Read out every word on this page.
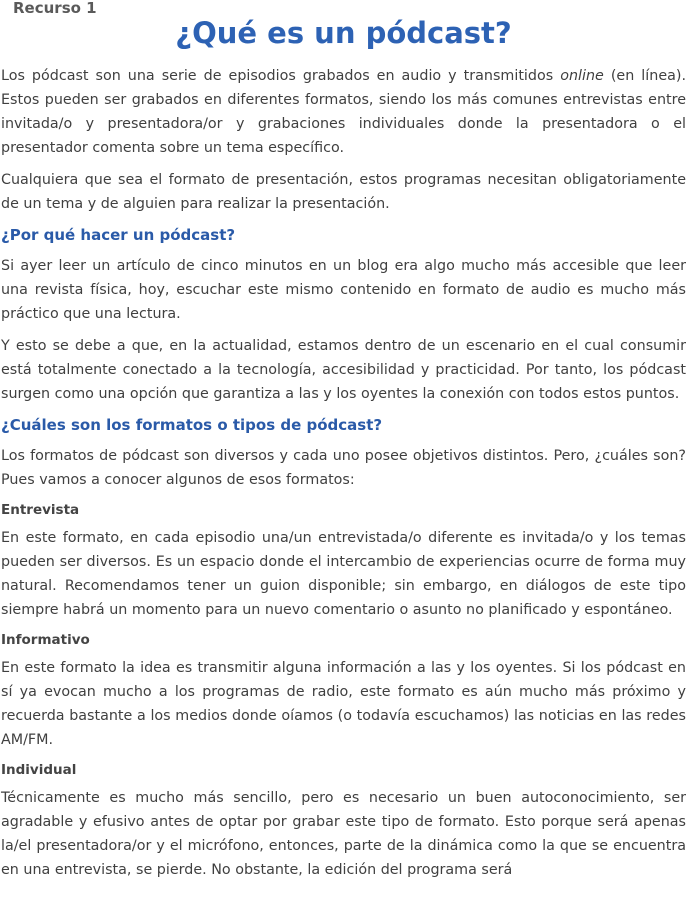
Recurso 1
¿Qué es un pódcast?

Los pódcast son una serie de episodios grabados en audio y transmitidos online (en línea). Estos pueden ser grabados en diferentes formatos, siendo los más comunes entrevistas entre invitada/o y presentadora/or y grabaciones individuales donde la presentadora o el presentador comenta sobre un tema específico.

Cualquiera que sea el formato de presentación, estos programas necesitan obligatoriamente de un tema y de alguien para realizar la presentación.

¿Por qué hacer un pódcast?

Si ayer leer un artículo de cinco minutos en un blog era algo mucho más accesible que leer una revista física, hoy, escuchar este mismo contenido en formato de audio es mucho más práctico que una lectura.

Y esto se debe a que, en la actualidad, estamos dentro de un escenario en el cual consumir está totalmente conectado a la tecnología, accesibilidad y practicidad. Por tanto, los pódcast surgen como una opción que garantiza a las y los oyentes la conexión con todos estos puntos.

¿Cuáles son los formatos o tipos de pódcast?

Los formatos de pódcast son diversos y cada uno posee objetivos distintos. Pero, ¿cuáles son? Pues vamos a conocer algunos de esos formatos:

Entrevista

En este formato, en cada episodio una/un entrevistada/o diferente es invitada/o y los temas pueden ser diversos. Es un espacio donde el intercambio de experiencias ocurre de forma muy natural. Recomendamos tener un guion disponible; sin embargo, en diálogos de este tipo siempre habrá un momento para un nuevo comentario o asunto no planificado y espontáneo.

Informativo

En este formato la idea es transmitir alguna información a las y los oyentes. Si los pódcast en sí ya evocan mucho a los programas de radio, este formato es aún mucho más próximo y recuerda bastante a los medios donde oíamos (o todavía escuchamos) las noticias en las redes AM/FM.

Individual

Técnicamente es mucho más sencillo, pero es necesario un buen autoconocimiento, ser agradable y efusivo antes de optar por grabar este tipo de formato. Esto porque será apenas la/el presentadora/or y el micrófono, entonces, parte de la dinámica como la que se encuentra en una entrevista, se pierde. No obstante, la edición del programa será
